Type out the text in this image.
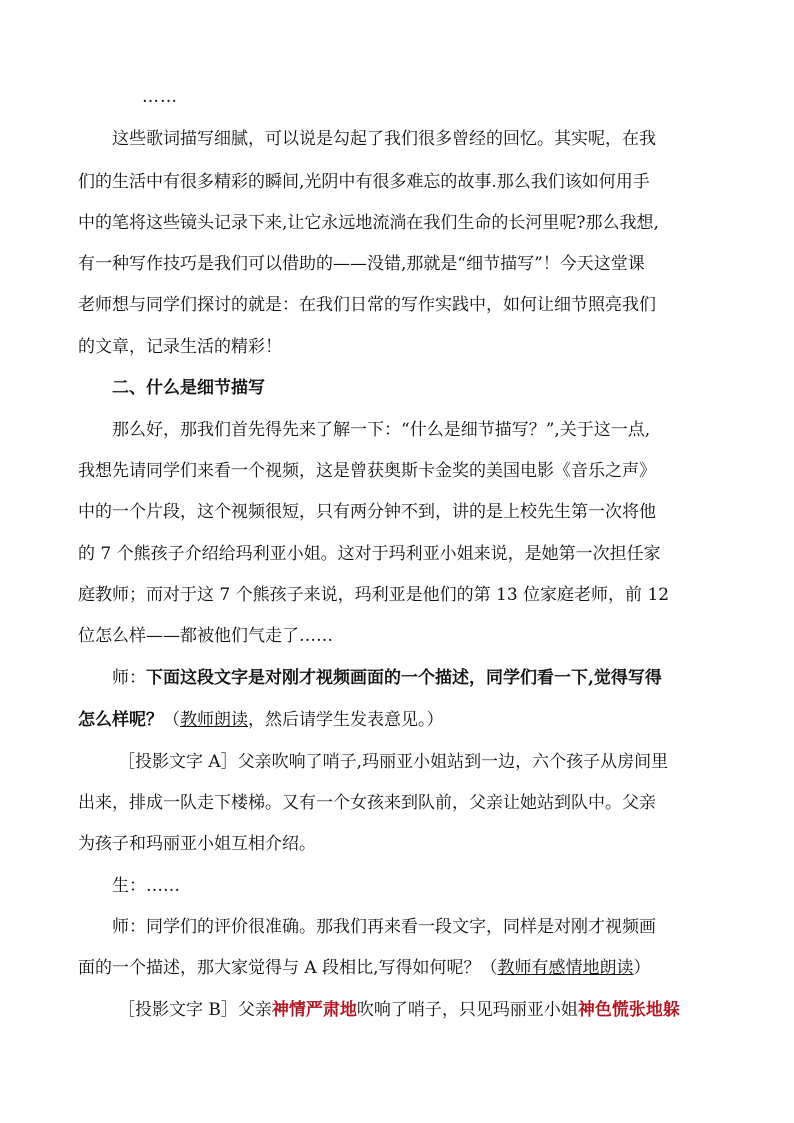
……
这些歌词描写细腻，可以说是勾起了我们很多曾经的回忆。其实呢，在我
们的生活中有很多精彩的瞬间,光阴中有很多难忘的故事.那么我们该如何用手
中的笔将这些镜头记录下来,让它永远地流淌在我们生命的长河里呢?那么我想,
有一种写作技巧是我们可以借助的——没错,那就是“细节描写”！今天这堂课
老师想与同学们探讨的就是：在我们日常的写作实践中，如何让细节照亮我们
的文章，记录生活的精彩！
二、什么是细节描写
那么好，那我们首先得先来了解一下：“什么是细节描写？”,关于这一点,
我想先请同学们来看一个视频，这是曾获奥斯卡金奖的美国电影《音乐之声》
中的一个片段，这个视频很短，只有两分钟不到，讲的是上校先生第一次将他
的 7 个熊孩子介绍给玛利亚小姐。这对于玛利亚小姐来说，是她第一次担任家
庭教师；而对于这 7 个熊孩子来说，玛利亚是他们的第 13 位家庭老师，前 12
位怎么样——都被他们气走了……
师：下面这段文字是对刚才视频画面的一个描述，同学们看一下,觉得写得
怎么样呢？（教师朗读，然后请学生发表意见。）
［投影文字 A］父亲吹响了哨子,玛丽亚小姐站到一边，六个孩子从房间里
出来，排成一队走下楼梯。又有一个女孩来到队前，父亲让她站到队中。父亲
为孩子和玛丽亚小姐互相介绍。
生：……
师：同学们的评价很准确。那我们再来看一段文字，同样是对刚才视频画
面的一个描述，那大家觉得与 A 段相比,写得如何呢？（教师有感情地朗读）
［投影文字 B］父亲神情严肃地吹响了哨子，只见玛丽亚小姐神色慌张地躲
